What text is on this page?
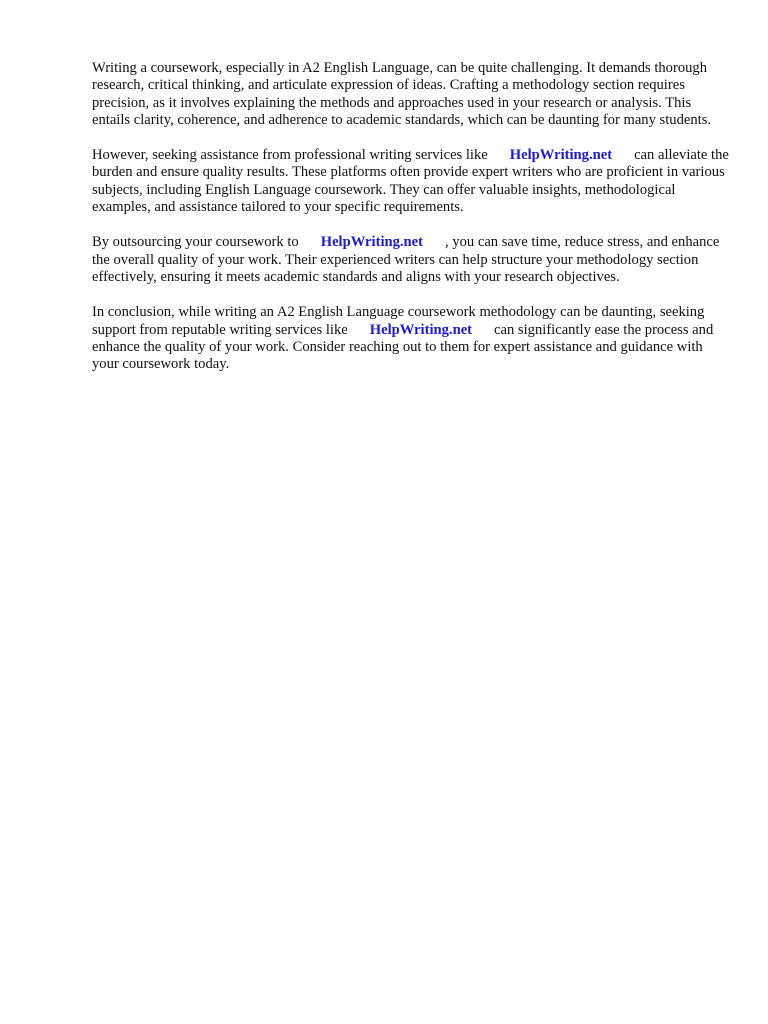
Writing a coursework, especially in A2 English Language, can be quite challenging. It demands thorough research, critical thinking, and articulate expression of ideas. Crafting a methodology section requires precision, as it involves explaining the methods and approaches used in your research or analysis. This entails clarity, coherence, and adherence to academic standards, which can be daunting for many students.

However, seeking assistance from professional writing services like HelpWriting.net can alleviate the burden and ensure quality results. These platforms often provide expert writers who are proficient in various subjects, including English Language coursework. They can offer valuable insights, methodological examples, and assistance tailored to your specific requirements.

By outsourcing your coursework to HelpWriting.net , you can save time, reduce stress, and enhance the overall quality of your work. Their experienced writers can help structure your methodology section effectively, ensuring it meets academic standards and aligns with your research objectives.

In conclusion, while writing an A2 English Language coursework methodology can be daunting, seeking support from reputable writing services like HelpWriting.net can significantly ease the process and enhance the quality of your work. Consider reaching out to them for expert assistance and guidance with your coursework today.
